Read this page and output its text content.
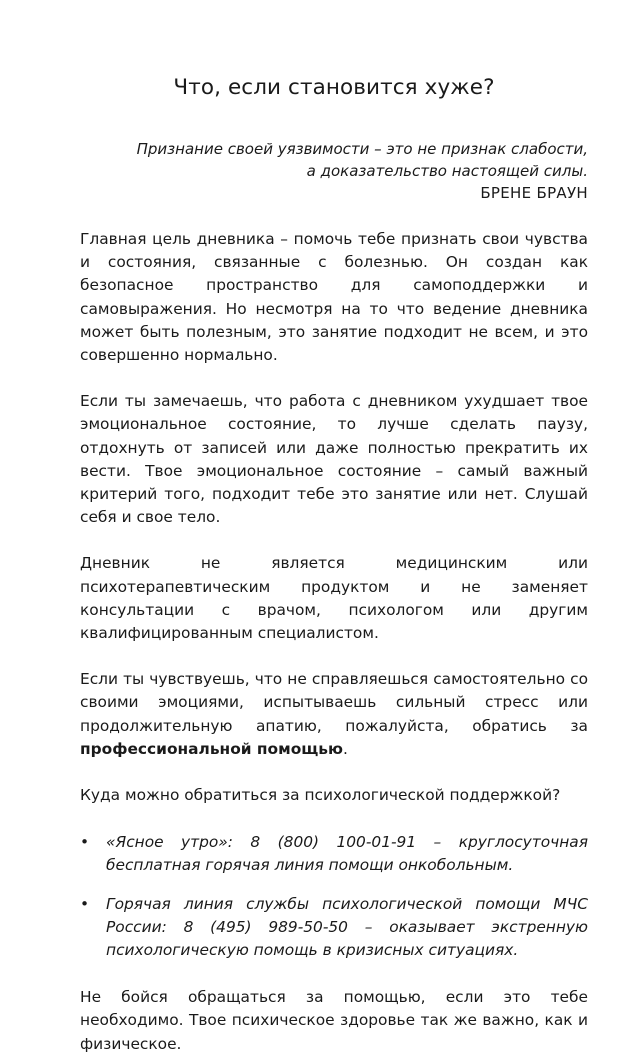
Что, если становится хуже?

Признание своей уязвимости – это не признак слабости,

а доказательство настоящей силы.

БРЕНЕ БРАУН

Главная цель дневника – помочь тебе признать свои чувства и состояния, связанные с болезнью. Он создан как безопасное пространство для самоподдержки и самовыражения. Но несмотря на то что ведение дневника может быть полезным, это занятие подходит не всем, и это совершенно нормально.

Если ты замечаешь, что работа с дневником ухудшает твое эмоциональное состояние, то лучше сделать паузу, отдохнуть от записей или даже полностью прекратить их вести. Твое эмоциональное состояние – самый важный критерий того, подходит тебе это занятие или нет. Слушай себя и свое тело.

Дневник не является медицинским или психотерапевтическим продуктом и не заменяет консультации с врачом, психологом или другим квалифицированным специалистом.

Если ты чувствуешь, что не справляешься самостоятельно со своими эмоциями, испытываешь сильный стресс или продолжительную апатию, пожалуйста, обратись за профессиональной помощью.

Куда можно обратиться за психологической поддержкой?

• «Ясное утро»: 8 (800) 100-01-91 – круглосуточная бесплатная горячая линия помощи онкобольным.
• Горячая линия службы психологической помощи МЧС России: 8 (495) 989-50-50 – оказывает экстренную психологическую помощь в кризисных ситуациях.

Не бойся обращаться за помощью, если это тебе необходимо. Твое психическое здоровье так же важно, как и физическое.
